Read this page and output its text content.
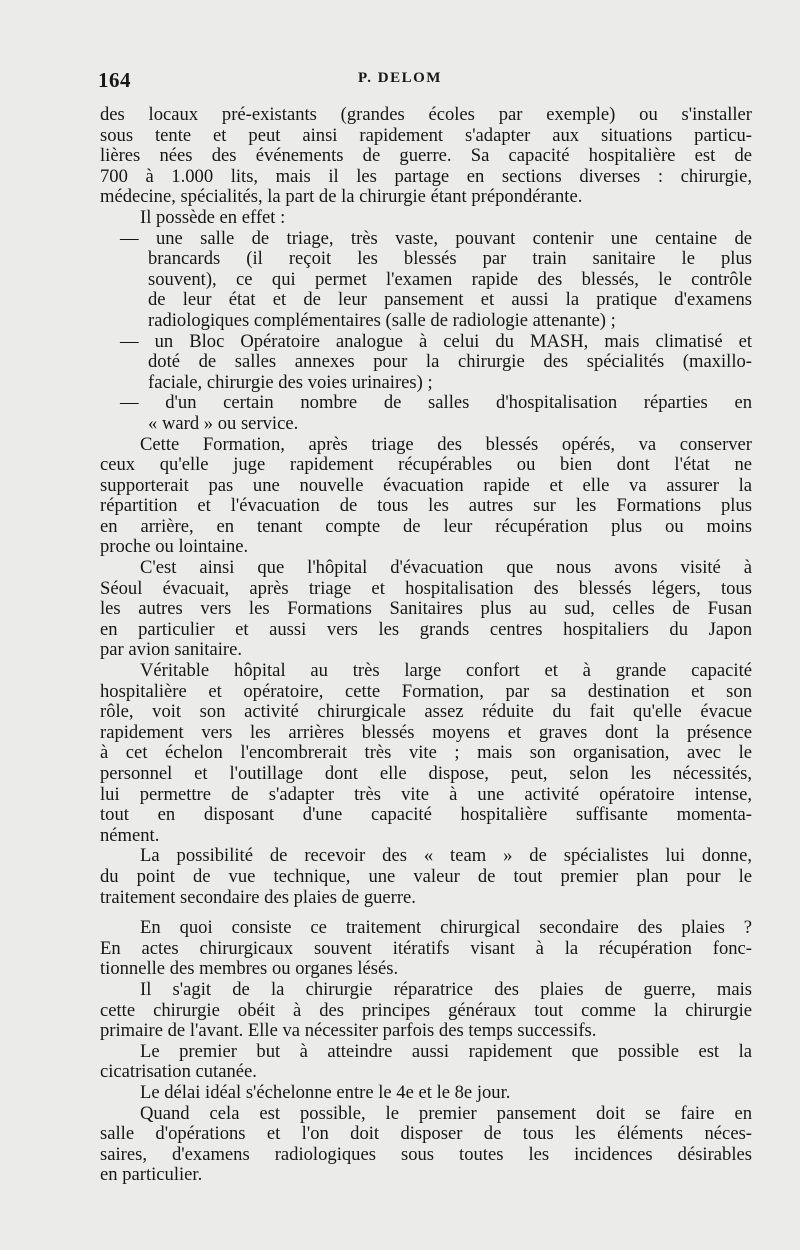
164	P. DELOM
des locaux pré-existants (grandes écoles par exemple) ou s'installer
sous tente et peut ainsi rapidement s'adapter aux situations particu-
lières nées des événements de guerre. Sa capacité hospitalière est de
700 à 1.000 lits, mais il les partage en sections diverses : chirurgie,
médecine, spécialités, la part de la chirurgie étant prépondérante.
Il possède en effet :
— une salle de triage, très vaste, pouvant contenir une centaine de
brancards (il reçoit les blessés par train sanitaire le plus
souvent), ce qui permet l'examen rapide des blessés, le contrôle
de leur état et de leur pansement et aussi la pratique d'examens
radiologiques complémentaires (salle de radiologie attenante) ;
— un Bloc Opératoire analogue à celui du MASH, mais climatisé et
doté de salles annexes pour la chirurgie des spécialités (maxillo-
faciale, chirurgie des voies urinaires) ;
— d'un certain nombre de salles d'hospitalisation réparties en
« ward » ou service.
Cette Formation, après triage des blessés opérés, va conserver
ceux qu'elle juge rapidement récupérables ou bien dont l'état ne
supporterait pas une nouvelle évacuation rapide et elle va assurer la
répartition et l'évacuation de tous les autres sur les Formations plus
en arrière, en tenant compte de leur récupération plus ou moins
proche ou lointaine.
C'est ainsi que l'hôpital d'évacuation que nous avons visité à
Séoul évacuait, après triage et hospitalisation des blessés légers, tous
les autres vers les Formations Sanitaires plus au sud, celles de Fusan
en particulier et aussi vers les grands centres hospitaliers du Japon
par avion sanitaire.
Véritable hôpital au très large confort et à grande capacité
hospitalière et opératoire, cette Formation, par sa destination et son
rôle, voit son activité chirurgicale assez réduite du fait qu'elle évacue
rapidement vers les arrières blessés moyens et graves dont la présence
à cet échelon l'encombrerait très vite ; mais son organisation, avec le
personnel et l'outillage dont elle dispose, peut, selon les nécessités,
lui permettre de s'adapter très vite à une activité opératoire intense,
tout en disposant d'une capacité hospitalière suffisante momenta-
nément.
La possibilité de recevoir des « team » de spécialistes lui donne,
du point de vue technique, une valeur de tout premier plan pour le
traitement secondaire des plaies de guerre.
En quoi consiste ce traitement chirurgical secondaire des plaies ?
En actes chirurgicaux souvent itératifs visant à la récupération fonc-
tionnelle des membres ou organes lésés.
Il s'agit de la chirurgie réparatrice des plaies de guerre, mais
cette chirurgie obéit à des principes généraux tout comme la chirurgie
primaire de l'avant. Elle va nécessiter parfois des temps successifs.
Le premier but à atteindre aussi rapidement que possible est la
cicatrisation cutanée.
Le délai idéal s'échelonne entre le 4e et le 8e jour.
Quand cela est possible, le premier pansement doit se faire en
salle d'opérations et l'on doit disposer de tous les éléments néces-
saires, d'examens radiologiques sous toutes les incidences désirables
en particulier.
